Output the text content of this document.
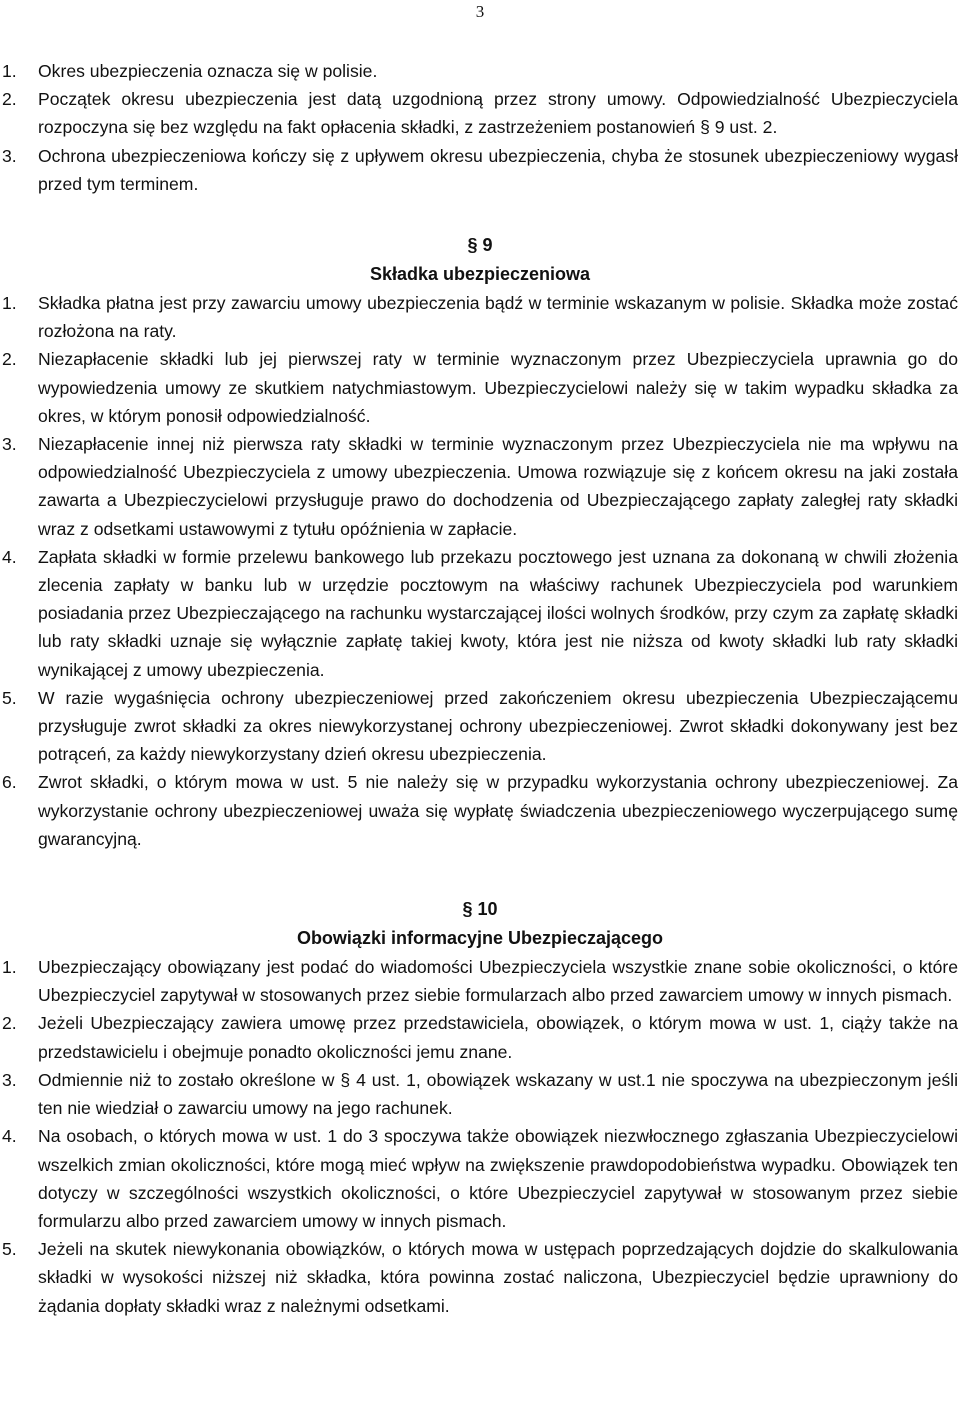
3
1.	Okres ubezpieczenia oznacza się w polisie.
2.	Początek okresu ubezpieczenia jest datą uzgodnioną przez strony umowy. Odpowiedzialność Ubezpieczyciela rozpoczyna się bez względu na fakt opłacenia składki, z zastrzeżeniem postanowień § 9 ust. 2.
3.	Ochrona ubezpieczeniowa kończy się z upływem okresu ubezpieczenia, chyba że stosunek ubezpieczeniowy wygasł przed tym terminem.
§ 9
Składka ubezpieczeniowa
1.	Składka płatna jest przy zawarciu umowy ubezpieczenia bądź w terminie wskazanym w polisie. Składka może zostać rozłożona na raty.
2.	Niezapłacenie składki lub jej pierwszej raty w terminie wyznaczonym przez Ubezpieczyciela uprawnia go do wypowiedzenia umowy ze skutkiem natychmiastowym. Ubezpieczycielowi należy się w takim wypadku składka za okres, w którym ponosił odpowiedzialność.
3.	Niezapłacenie innej niż pierwsza raty składki w terminie wyznaczonym przez Ubezpieczyciela nie ma wpływu na odpowiedzialność Ubezpieczyciela z umowy ubezpieczenia. Umowa rozwiązuje się z końcem okresu na jaki została zawarta a Ubezpieczycielowi przysługuje prawo do dochodzenia od Ubezpieczającego zapłaty zaległej raty składki wraz z odsetkami ustawowymi z tytułu opóźnienia w zapłacie.
4.	Zapłata składki w formie przelewu bankowego lub przekazu pocztowego jest uznana za dokonaną w chwili złożenia zlecenia zapłaty w banku lub w urzędzie pocztowym na właściwy rachunek Ubezpieczyciela pod warunkiem posiadania przez Ubezpieczającego na rachunku wystarczającej ilości wolnych środków, przy czym za zapłatę składki lub raty składki uznaje się wyłącznie zapłatę takiej kwoty, która jest nie niższa od kwoty składki lub raty składki wynikającej z umowy ubezpieczenia.
5.	W razie wygaśnięcia ochrony ubezpieczeniowej przed zakończeniem okresu ubezpieczenia Ubezpieczającemu przysługuje zwrot składki za okres niewykorzystanej ochrony ubezpieczeniowej. Zwrot składki dokonywany jest bez potrąceń, za każdy niewykorzystany dzień okresu ubezpieczenia.
6.	Zwrot składki, o którym mowa w ust. 5 nie należy się w przypadku wykorzystania ochrony ubezpieczeniowej. Za wykorzystanie ochrony ubezpieczeniowej uważa się wypłatę świadczenia ubezpieczeniowego wyczerpującego sumę gwarancyjną.
§ 10
Obowiązki informacyjne Ubezpieczającego
1.	Ubezpieczający obowiązany jest podać do wiadomości Ubezpieczyciela wszystkie znane sobie okoliczności, o które Ubezpieczyciel zapytywał w stosowanych przez siebie formularzach albo przed zawarciem umowy w innych pismach.
2.	Jeżeli Ubezpieczający zawiera umowę przez przedstawiciela, obowiązek, o którym mowa w ust. 1, ciąży także na przedstawicielu i obejmuje ponadto okoliczności jemu znane.
3.	Odmiennie niż to zostało określone w § 4 ust. 1, obowiązek wskazany w ust.1 nie spoczywa na ubezpieczonym jeśli ten nie wiedział o zawarciu umowy na jego rachunek.
4.	Na osobach, o których mowa w ust. 1 do 3 spoczywa także obowiązek niezwłocznego zgłaszania Ubezpieczycielowi wszelkich zmian okoliczności, które mogą mieć wpływ na zwiększenie prawdopodobieństwa wypadku. Obowiązek ten dotyczy w szczególności wszystkich okoliczności, o które Ubezpieczyciel zapytywał w stosowanym przez siebie formularzu albo przed zawarciem umowy w innych pismach.
5.	Jeżeli na skutek niewykonania obowiązków, o których mowa w ustępach poprzedzających dojdzie do skalkulowania składki w wysokości niższej niż składka, która powinna zostać naliczona, Ubezpieczyciel będzie uprawniony do żądania dopłaty składki wraz z należnymi odsetkami.
